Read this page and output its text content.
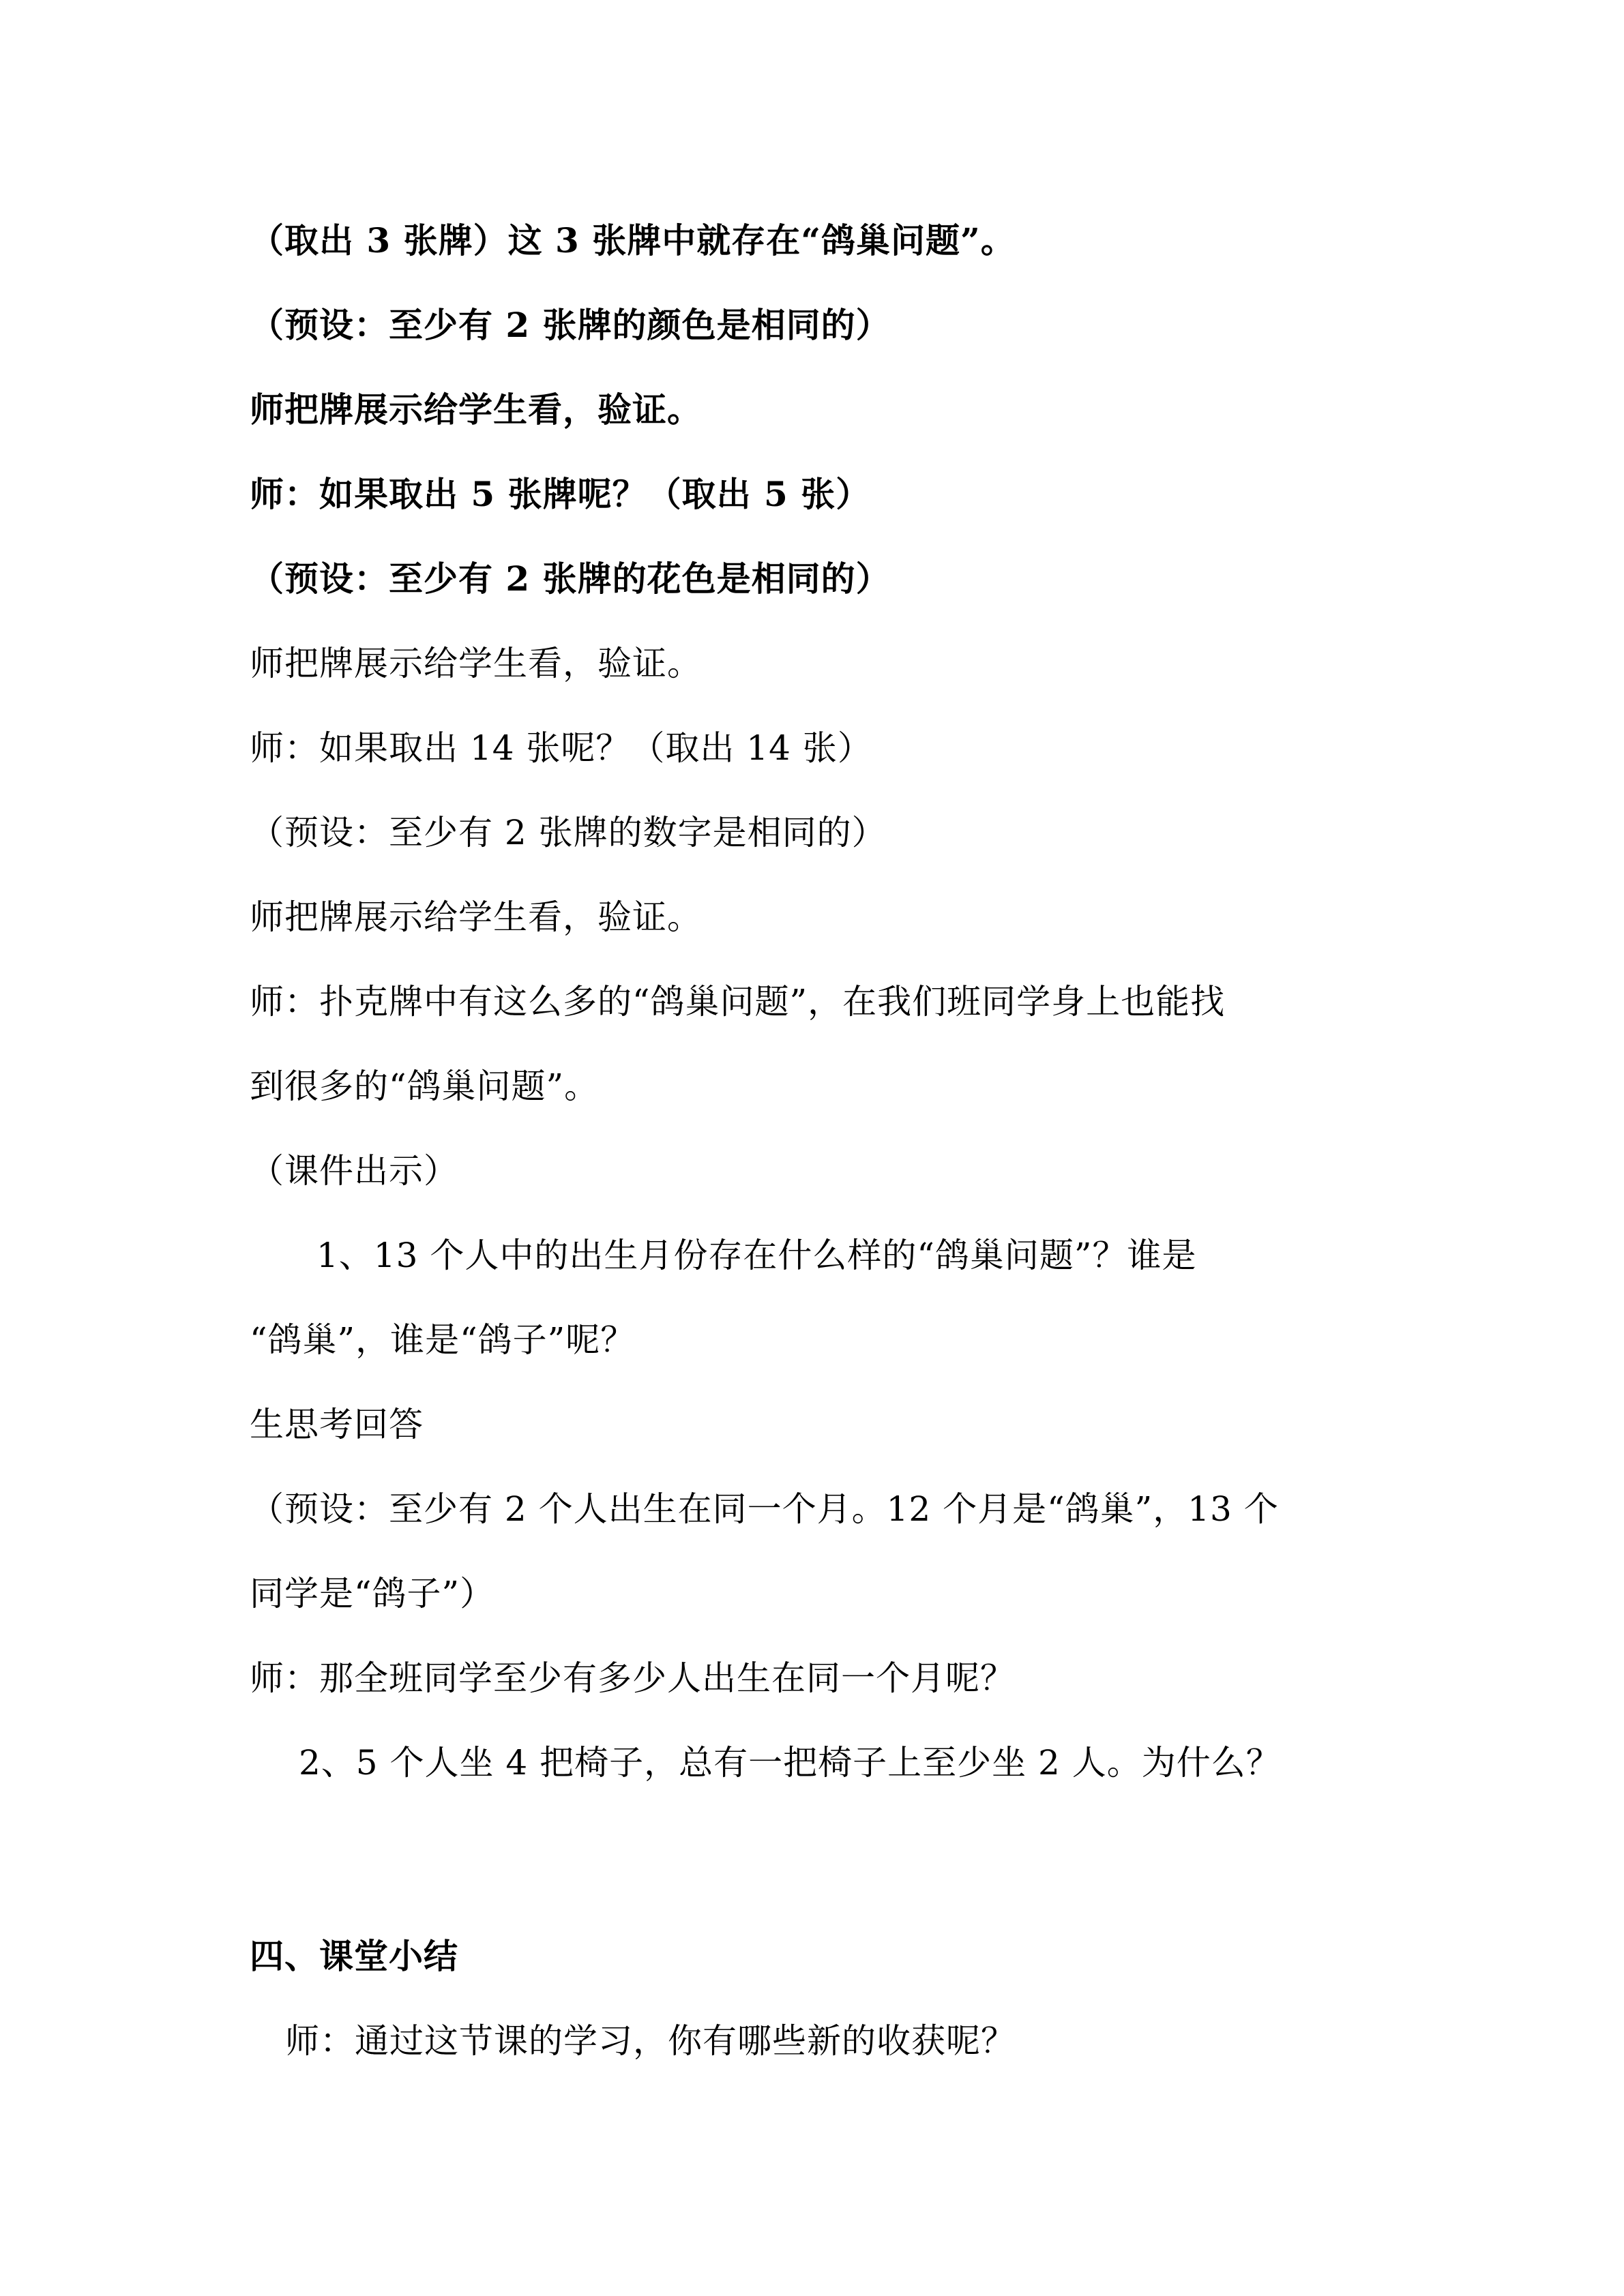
（取出 3 张牌）这 3 张牌中就存在“鸽巢问题”。
（预设：至少有 2 张牌的颜色是相同的）
师把牌展示给学生看，验证。
师：如果取出 5 张牌呢？（取出 5 张）
（预设：至少有 2 张牌的花色是相同的）
师把牌展示给学生看，验证。
师：如果取出 14 张呢？（取出 14 张）
（预设：至少有 2 张牌的数字是相同的）
师把牌展示给学生看，验证。
师：扑克牌中有这么多的“鸽巢问题”，在我们班同学身上也能找
到很多的“鸽巢问题”。
（课件出示）
1、13 个人中的出生月份存在什么样的“鸽巢问题”？谁是
“鸽巢”，谁是“鸽子”呢？
生思考回答
（预设：至少有 2 个人出生在同一个月。12 个月是“鸽巢”，13 个
同学是“鸽子”）
师：那全班同学至少有多少人出生在同一个月呢？
2、5 个人坐 4 把椅子，总有一把椅子上至少坐 2 人。为什么？
四、课堂小结
师：通过这节课的学习，你有哪些新的收获呢？
